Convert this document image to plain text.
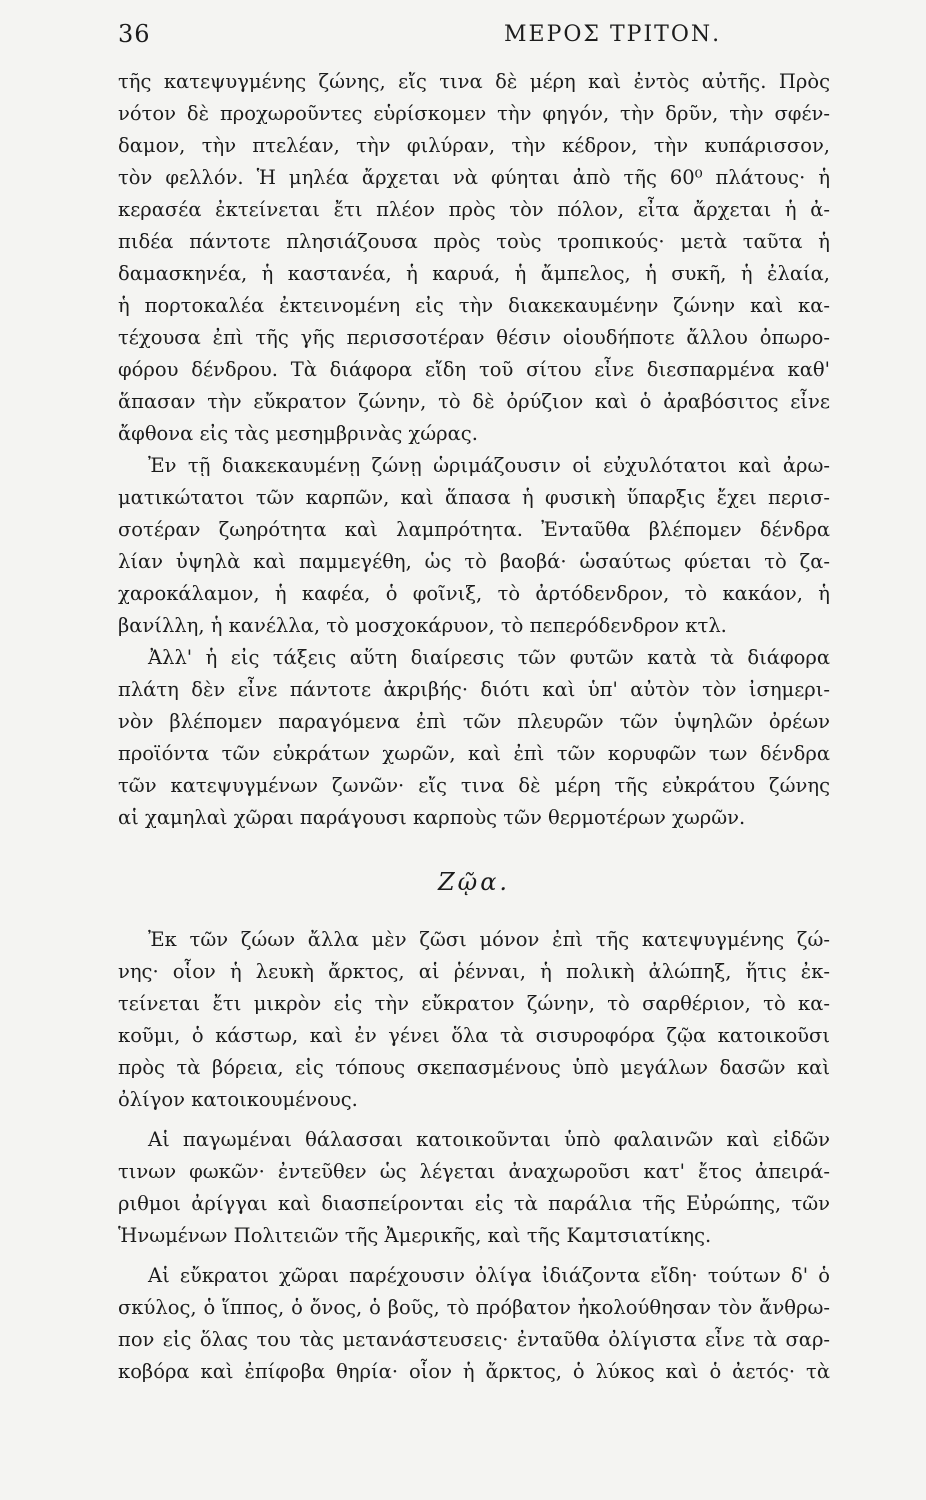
36	ΜΕΡΟΣ ΤΡΙΤΟΝ.
τῆς κατεψυγμένης ζώνης, εἴς τινα δὲ μέρη καὶ ἐντὸς αὐτῆς. Πρὸς
νότον δὲ προχωροῦντες εὑρίσκομεν τὴν φηγόν, τὴν δρῦν, τὴν σφέν-
δαμον, τὴν πτελέαν, τὴν φιλύραν, τὴν κέδρον, τὴν κυπάρισσον,
τὸν φελλόν. Ἡ μηλέα ἄρχεται νὰ φύηται ἀπὸ τῆς 60⁰ πλάτους· ἡ
κερασέα ἐκτείνεται ἔτι πλέον πρὸς τὸν πόλον, εἶτα ἄρχεται ἡ ἀ-
πιδέα πάντοτε πλησιάζουσα πρὸς τοὺς τροπικούς· μετὰ ταῦτα ἡ
δαμασκηνέα, ἡ καστανέα, ἡ καρυά, ἡ ἄμπελος, ἡ συκῆ, ἡ ἐλαία,
ἡ πορτοκαλέα ἐκτεινομένη εἰς τὴν διακεκαυμένην ζώνην καὶ κα-
τέχουσα ἐπὶ τῆς γῆς περισσοτέραν θέσιν οἱουδήποτε ἄλλου ὀπωρο-
φόρου δένδρου. Τὰ διάφορα εἴδη τοῦ σίτου εἶνε διεσπαρμένα καθ'
ἅπασαν τὴν εὔκρατον ζώνην, τὸ δὲ ὀρύζιον καὶ ὁ ἀραβόσιτος εἶνε
ἄφθονα εἰς τὰς μεσημβρινὰς χώρας.
Ἐν τῇ διακεκαυμένῃ ζώνῃ ὡριμάζουσιν οἱ εὐχυλότατοι καὶ ἀρω-
ματικώτατοι τῶν καρπῶν, καὶ ἅπασα ἡ φυσικὴ ὕπαρξις ἔχει περισ-
σοτέραν ζωηρότητα καὶ λαμπρότητα. Ἐνταῦθα βλέπομεν δένδρα
λίαν ὑψηλὰ καὶ παμμεγέθη, ὡς τὸ βαοβά· ὡσαύτως φύεται τὸ ζα-
χαροκάλαμον, ἡ καφέα, ὁ φοῖνιξ, τὸ ἀρτόδενδρον, τὸ κακάον, ἡ
βανίλλη, ἡ κανέλλα, τὸ μοσχοκάρυον, τὸ πεπερόδενδρον κτλ.
Ἀλλ' ἡ εἰς τάξεις αὕτη διαίρεσις τῶν φυτῶν κατὰ τὰ διάφορα
πλάτη δὲν εἶνε πάντοτε ἀκριβής· διότι καὶ ὑπ' αὐτὸν τὸν ἰσημερι-
νὸν βλέπομεν παραγόμενα ἐπὶ τῶν πλευρῶν τῶν ὑψηλῶν ὀρέων
προϊόντα τῶν εὐκράτων χωρῶν, καὶ ἐπὶ τῶν κορυφῶν των δένδρα
τῶν κατεψυγμένων ζωνῶν· εἴς τινα δὲ μέρη τῆς εὐκράτου ζώνης
αἱ χαμηλαὶ χῶραι παράγουσι καρποὺς τῶν θερμοτέρων χωρῶν.
Ζῷα.
Ἐκ τῶν ζώων ἄλλα μὲν ζῶσι μόνον ἐπὶ τῆς κατεψυγμένης ζώ-
νης· οἷον ἡ λευκὴ ἄρκτος, αἱ ῥένναι, ἡ πολικὴ ἀλώπηξ, ἥτις ἐκ-
τείνεται ἔτι μικρὸν εἰς τὴν εὔκρατον ζώνην, τὸ σαρθέριον, τὸ κα-
κοῦμι, ὁ κάστωρ, καὶ ἐν γένει ὅλα τὰ σισυροφόρα ζῷα κατοικοῦσι
πρὸς τὰ βόρεια, εἰς τόπους σκεπασμένους ὑπὸ μεγάλων δασῶν καὶ
ὀλίγον κατοικουμένους.
Αἱ παγωμέναι θάλασσαι κατοικοῦνται ὑπὸ φαλαινῶν καὶ εἰδῶν
τινων φωκῶν· ἐντεῦθεν ὡς λέγεται ἀναχωροῦσι κατ' ἔτος ἀπειρά-
ριθμοι ἀρίγγαι καὶ διασπείρονται εἰς τὰ παράλια τῆς Εὐρώπης, τῶν
Ἡνωμένων Πολιτειῶν τῆς Ἀμερικῆς, καὶ τῆς Καμτσιατίκης.
Αἱ εὔκρατοι χῶραι παρέχουσιν ὀλίγα ἰδιάζοντα εἴδη· τούτων δ' ὁ
σκύλος, ὁ ἵππος, ὁ ὄνος, ὁ βοῦς, τὸ πρόβατον ἠκολούθησαν τὸν ἄνθρω-
πον εἰς ὅλας του τὰς μετανάστευσεις· ἐνταῦθα ὀλίγιστα εἶνε τὰ σαρ-
κοβόρα καὶ ἐπίφοβα θηρία· οἷον ἡ ἄρκτος, ὁ λύκος καὶ ὁ ἀετός· τὰ
